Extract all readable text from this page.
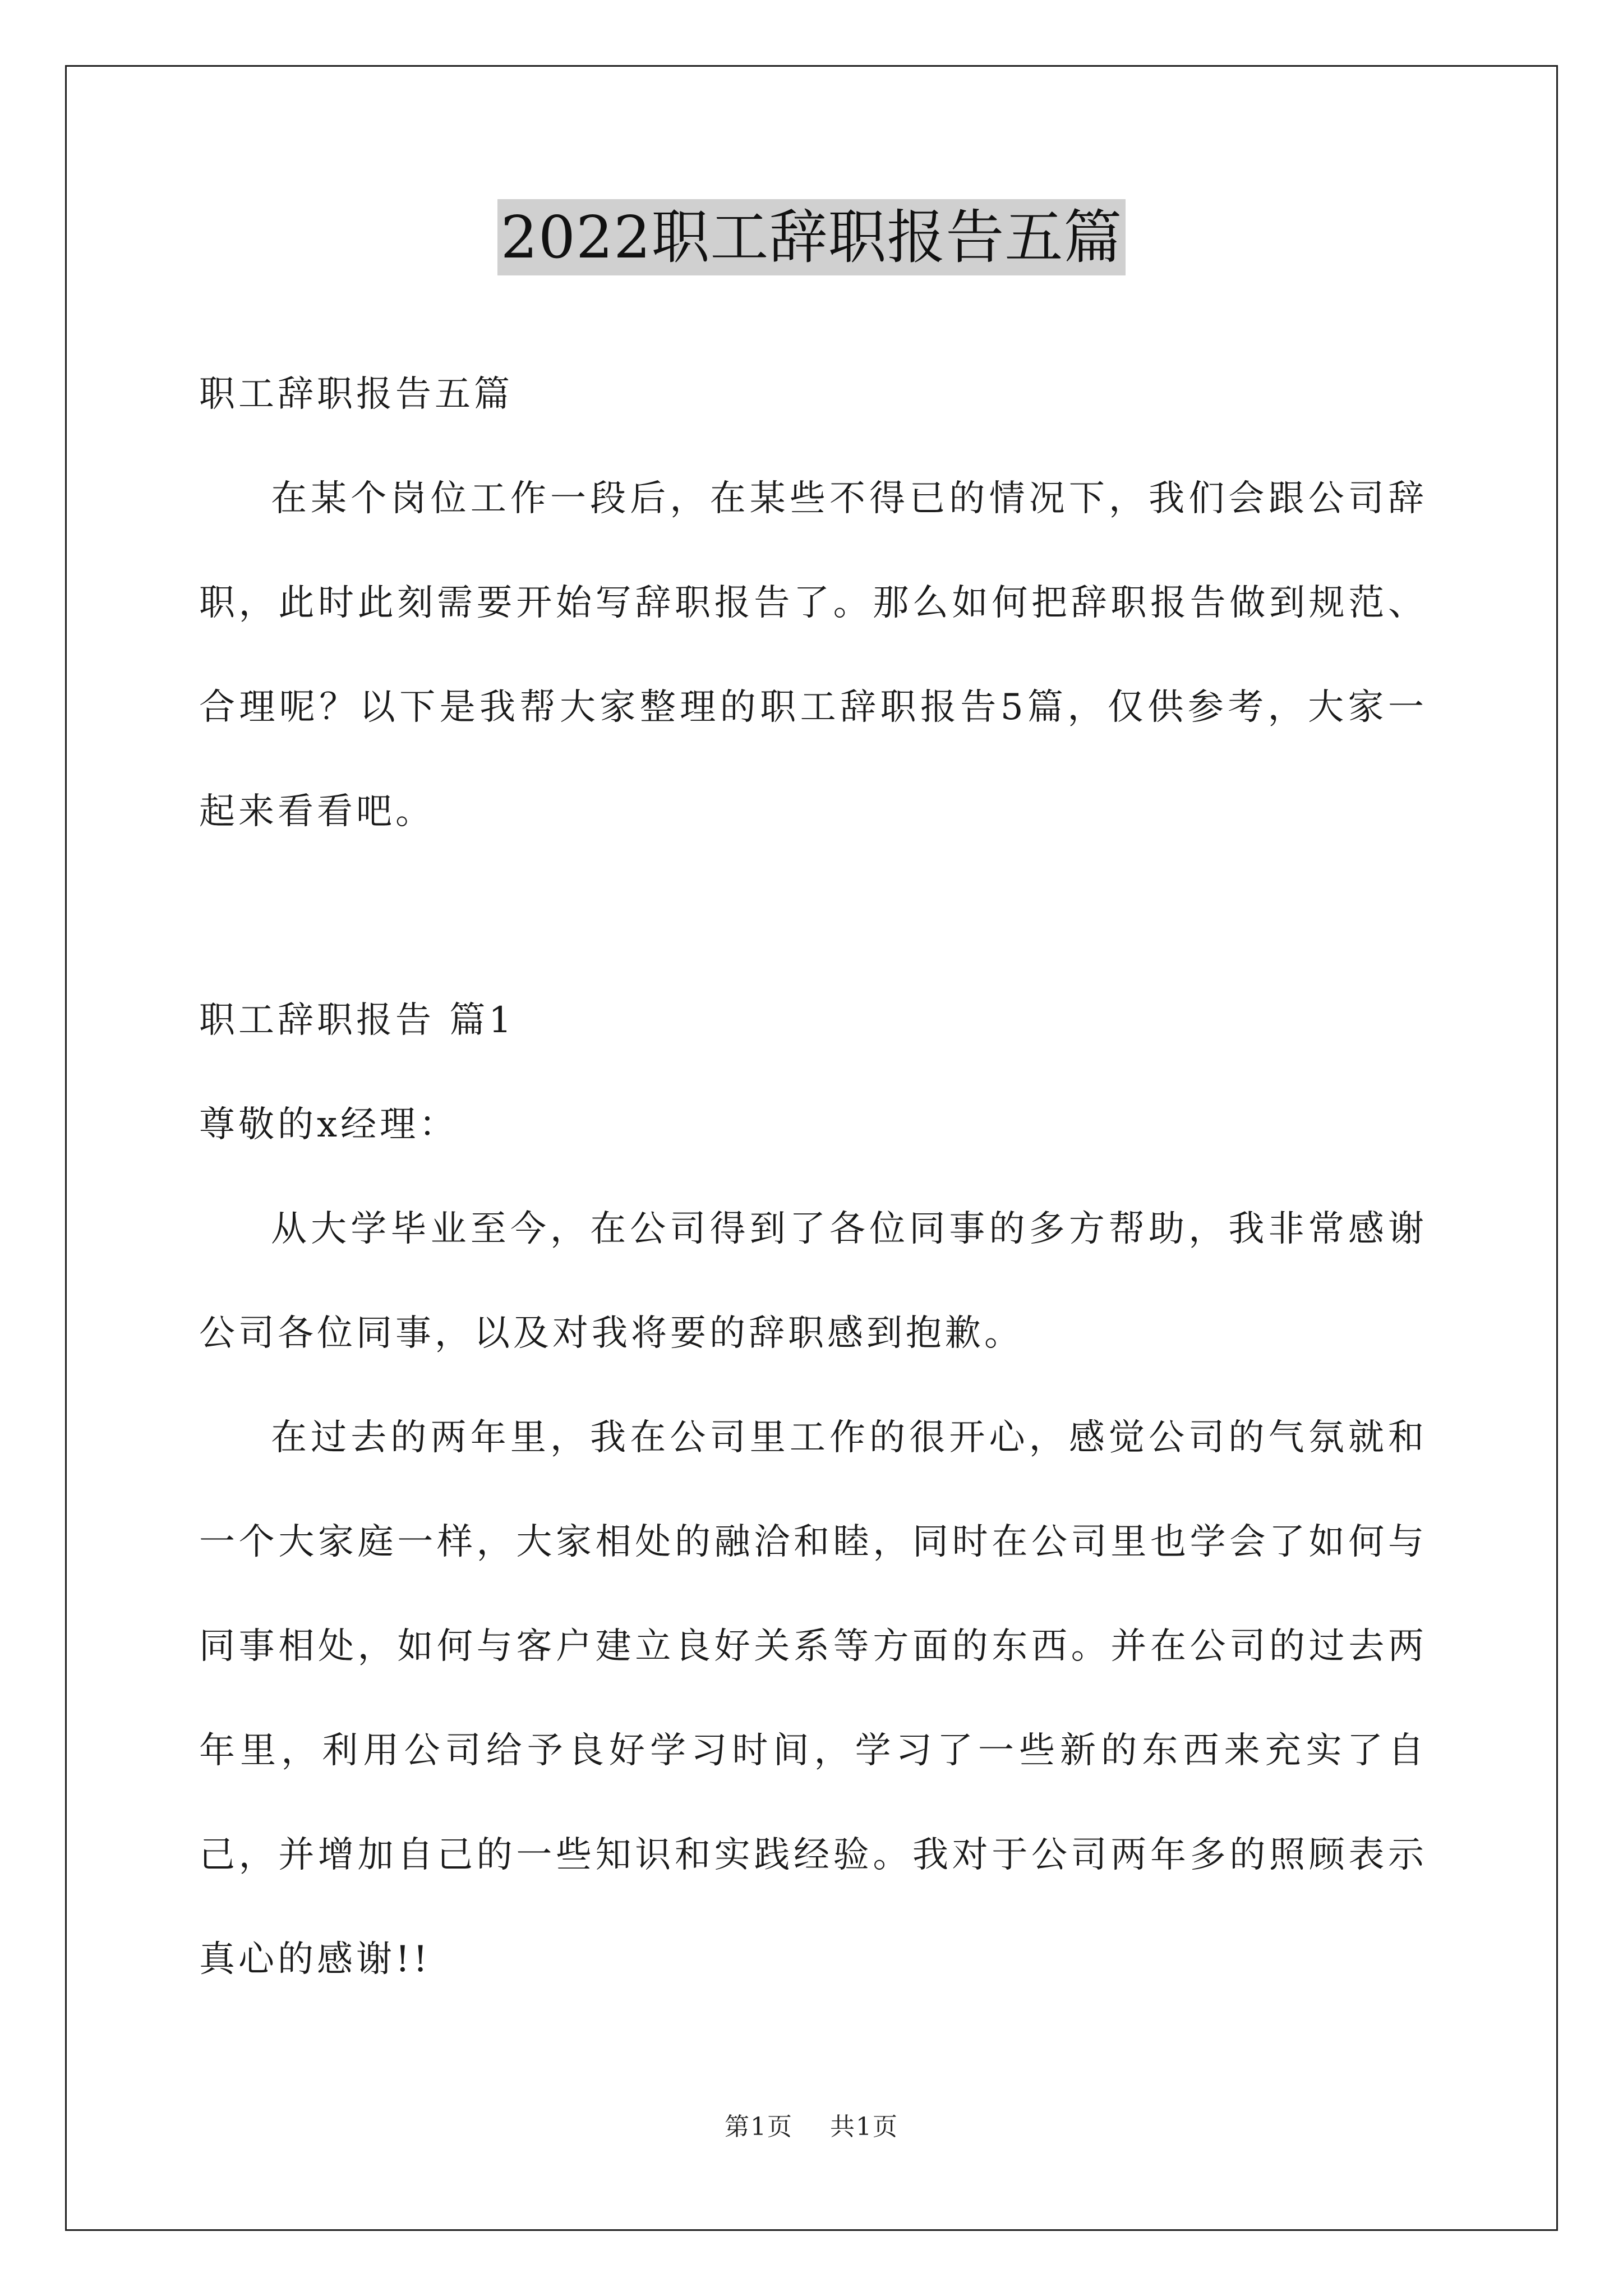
2022职工辞职报告五篇

职工辞职报告五篇

在某个岗位工作一段后，在某些不得已的情况下，我们会跟公司辞职，此时此刻需要开始写辞职报告了。那么如何把辞职报告做到规范、合理呢？以下是我帮大家整理的职工辞职报告5篇，仅供参考，大家一起来看看吧。

职工辞职报告 篇1

尊敬的x经理：

从大学毕业至今，在公司得到了各位同事的多方帮助，我非常感谢公司各位同事，以及对我将要的辞职感到抱歉。

在过去的两年里，我在公司里工作的很开心，感觉公司的气氛就和一个大家庭一样，大家相处的融洽和睦，同时在公司里也学会了如何与同事相处，如何与客户建立良好关系等方面的东西。并在公司的过去两年里，利用公司给予良好学习时间，学习了一些新的东西来充实了自己，并增加自己的一些知识和实践经验。我对于公司两年多的照顾表示真心的感谢!!

第1页 共1页
